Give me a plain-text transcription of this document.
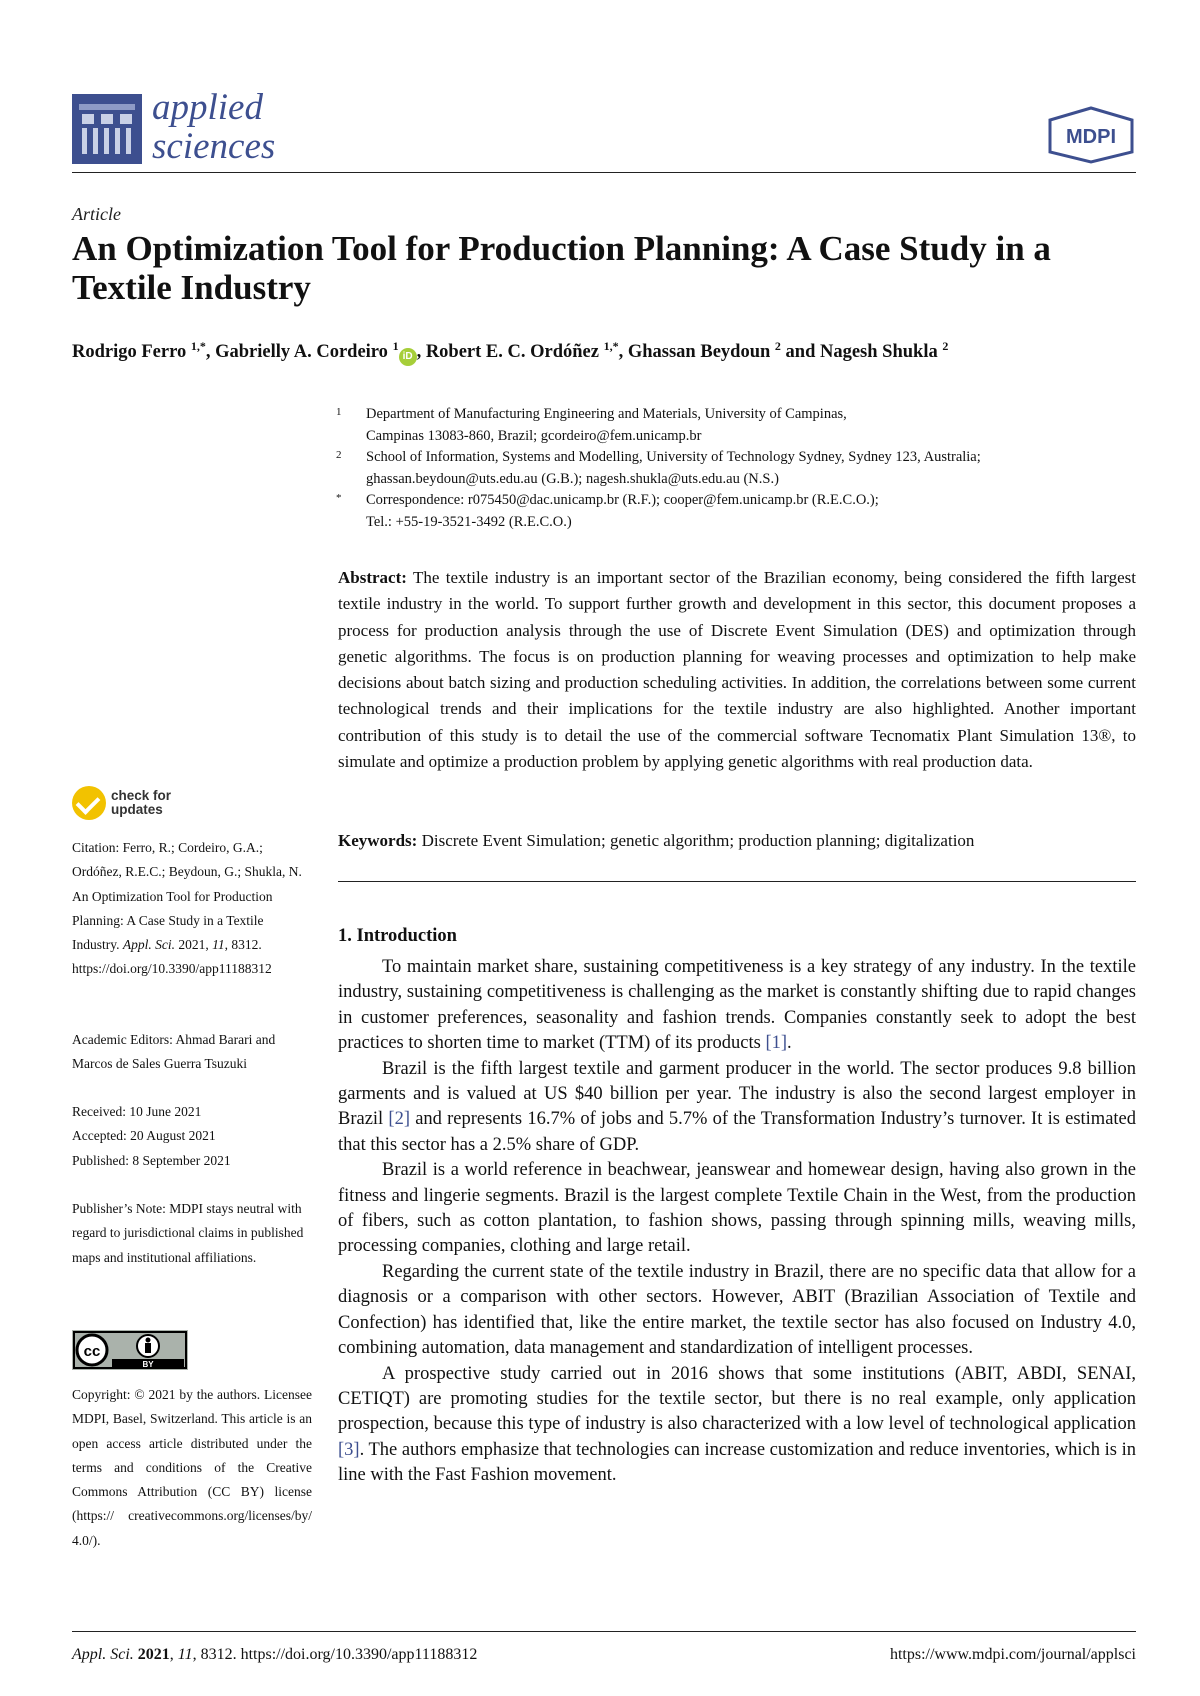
applied
sciences	MDPI
Article
An Optimization Tool for Production Planning: A Case Study in a Textile Industry
Rodrigo Ferro $^{1,*}$, Gabrielly A. Cordeiro $^1$iD , Robert E. C. Ordóñez $^{1,*}$, Ghassan Beydoun $^2$ and Nagesh Shukla $^2$
1	Department of Manufacturing Engineering and Materials, University of Campinas,
Campinas 13083-860, Brazil; gcordeiro@fem.unicamp.br
2	School of Information, Systems and Modelling, University of Technology Sydney, Sydney 123, Australia;
ghassan.beydoun@uts.edu.au (G.B.); nagesh.shukla@uts.edu.au (N.S.)
*	Correspondence: r075450@dac.unicamp.br (R.F.); cooper@fem.unicamp.br (R.E.C.O.);
Tel.: +55-19-3521-3492 (R.E.C.O.)
Abstract: The textile industry is an important sector of the Brazilian economy, being considered the fifth largest textile industry in the world. To support further growth and development in this sector, this document proposes a process for production analysis through the use of Discrete Event Simulation (DES) and optimization through genetic algorithms. The focus is on production planning for weaving processes and optimization to help make decisions about batch sizing and production scheduling activities. In addition, the correlations between some current technological trends and their implications for the textile industry are also highlighted. Another important contribution of this study is to detail the use of the commercial software Tecnomatix Plant Simulation 13®, to simulate and optimize a production problem by applying genetic algorithms with real production data.
Keywords: Discrete Event Simulation; genetic algorithm; production planning; digitalization
1. Introduction

To maintain market share, sustaining competitiveness is a key strategy of any industry. In the textile industry, sustaining competitiveness is challenging as the market is constantly shifting due to rapid changes in customer preferences, seasonality and fashion trends. Companies constantly seek to adopt the best practices to shorten time to market (TTM) of its products [1].

Brazil is the fifth largest textile and garment producer in the world. The sector produces 9.8 billion garments and is valued at US $40 billion per year. The industry is also the second largest employer in Brazil [2] and represents 16.7% of jobs and 5.7% of the Transformation Industry’s turnover. It is estimated that this sector has a 2.5% share of GDP.

Brazil is a world reference in beachwear, jeanswear and homewear design, having also grown in the fitness and lingerie segments. Brazil is the largest complete Textile Chain in the West, from the production of fibers, such as cotton plantation, to fashion shows, passing through spinning mills, weaving mills, processing companies, clothing and large retail.

Regarding the current state of the textile industry in Brazil, there are no specific data that allow for a diagnosis or a comparison with other sectors. However, ABIT (Brazilian Association of Textile and Confection) has identified that, like the entire market, the textile sector has also focused on Industry 4.0, combining automation, data management and standardization of intelligent processes.

A prospective study carried out in 2016 shows that some institutions (ABIT, ABDI, SENAI, CETIQT) are promoting studies for the textile sector, but there is no real example, only application prospection, because this type of industry is also characterized with a low level of technological application [3]. The authors emphasize that technologies can increase customization and reduce inventories, which is in line with the Fast Fashion movement.

check for
updates
Citation: Ferro, R.; Cordeiro, G.A.; Ordóñez, R.E.C.; Beydoun, G.; Shukla, N. An Optimization Tool for Production Planning: A Case Study in a Textile Industry. Appl. Sci. 2021, 11, 8312. https://doi.org/10.3390/app11188312
Academic Editors: Ahmad Barari and Marcos de Sales Guerra Tsuzuki
Received: 10 June 2021
Accepted: 20 August 2021
Published: 8 September 2021
Publisher’s Note: MDPI stays neutral with regard to jurisdictional claims in published maps and institutional affiliations.
cc
BY
Copyright: © 2021 by the authors. Licensee MDPI, Basel, Switzerland. This article is an open access article distributed under the terms and conditions of the Creative Commons Attribution (CC BY) license (https:// creativecommons.org/licenses/by/ 4.0/).
Appl. Sci. 2021, 11, 8312. https://doi.org/10.3390/app11188312	https://www.mdpi.com/journal/applsci
